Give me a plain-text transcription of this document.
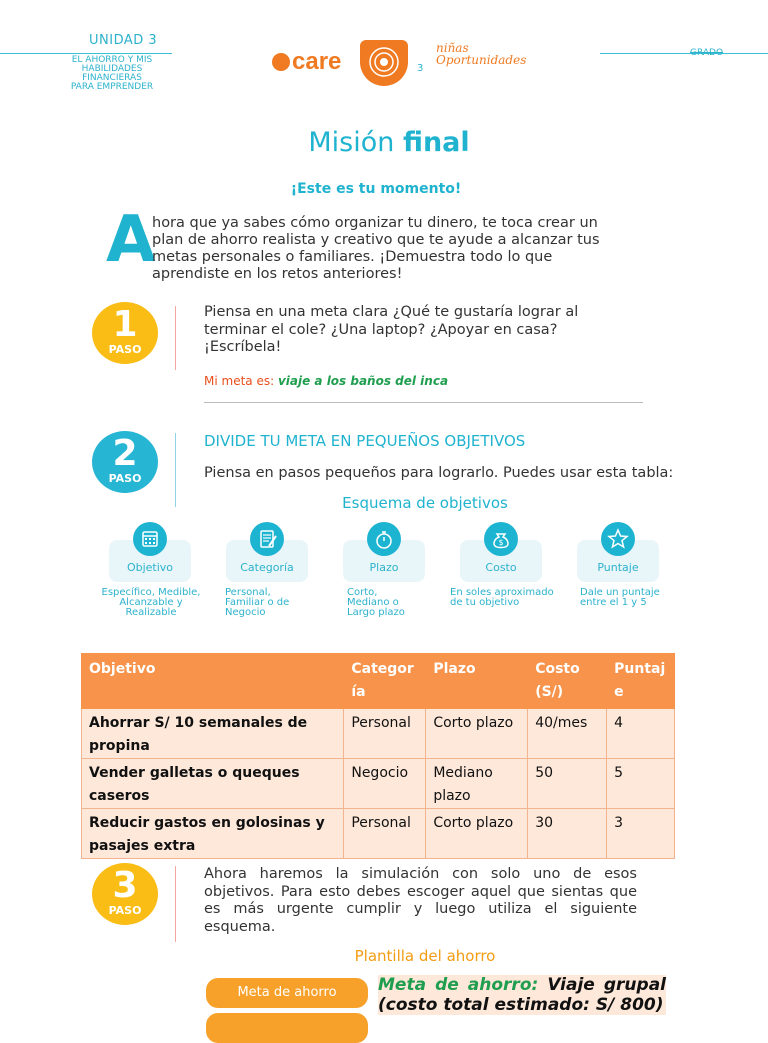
UNIDAD 3
EL AHORRO Y MIS HABILIDADES FINANCIERAS PARA EMPRENDER
care	niñas Oportunidades
3
GRADO
Misión final
¡Este es tu momento!
A
hora que ya sabes cómo organizar tu dinero, te toca crear un plan de ahorro realista y creativo que te ayude a alcanzar tus metas personales o familiares. ¡Demuestra todo lo que aprendiste en los retos anteriores!
1
PASO
Piensa en una meta clara ¿Qué te gustaría lograr al terminar el cole? ¿Una laptop? ¿Apoyar en casa? ¡Escríbela!
Mi meta es: viaje a los baños del inca
2
PASO
DIVIDE TU META EN PEQUEÑOS OBJETIVOS
Piensa en pasos pequeños para lograrlo. Puedes usar esta tabla:
Esquema de objetivos
Objetivo
Específico, Medible, Alcanzable y Realizable
Categoría
Personal, Familiar o de Negocio
Plazo
Corto, Mediano o Largo plazo
Costo
$
En soles aproximado de tu objetivo
Puntaje
Dale un puntaje entre el 1 y 5
Objetivo	Categoría	Plazo	Costo (S/)	Puntaje
Ahorrar S/ 10 semanales de propina	Personal	Corto plazo	40/mes	4
Vender galletas o queques caseros	Negocio	Mediano plazo	50	5
Reducir gastos en golosinas y pasajes extra	Personal	Corto plazo	30	3
3
PASO
Ahora haremos la simulación con solo uno de esos objetivos. Para esto debes escoger aquel que sientas que es más urgente cumplir y luego utiliza el siguiente esquema.
Plantilla del ahorro
Meta de ahorro	Meta de ahorro: Viaje grupal (costo total estimado: S/ 800)
